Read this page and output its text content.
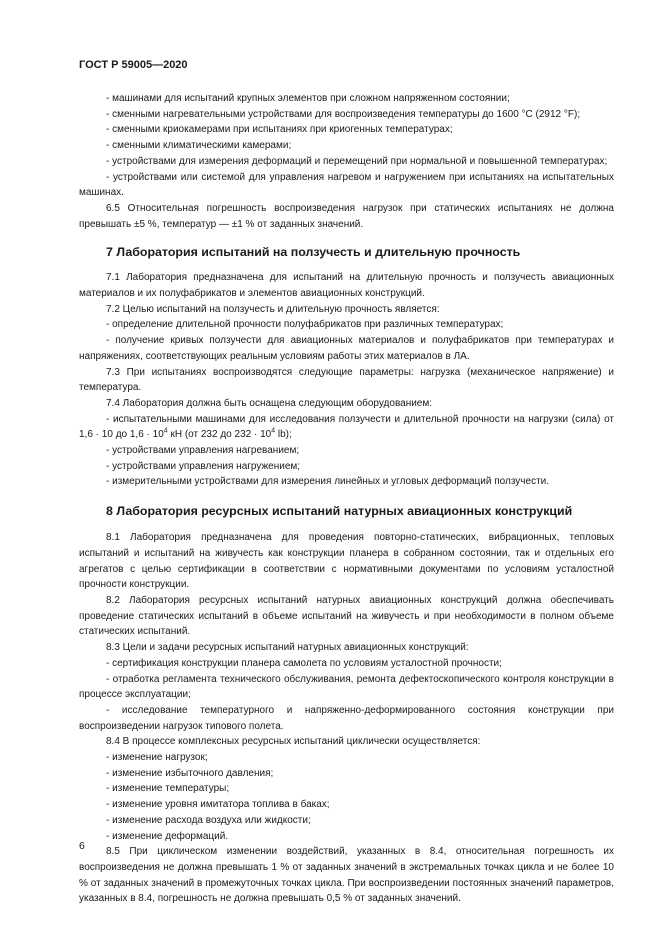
ГОСТ Р 59005—2020

- машинами для испытаний крупных элементов при сложном напряженном состоянии;

- сменными нагревательными устройствами для воспроизведения температуры до 1600 °С (2912 °F);

- сменными криокамерами при испытаниях при криогенных температурах;

- сменными климатическими камерами;

- устройствами для измерения деформаций и перемещений при нормальной и повышенной температурах;

- устройствами или системой для управления нагревом и нагружением при испытаниях на испытательных машинах.

6.5 Относительная погрешность воспроизведения нагрузок при статических испытаниях не должна превышать ±5 %, температур — ±1 % от заданных значений.

7 Лаборатория испытаний на ползучесть и длительную прочность

7.1 Лаборатория предназначена для испытаний на длительную прочность и ползучесть авиационных материалов и их полуфабрикатов и элементов авиационных конструкций.

7.2 Целью испытаний на ползучесть и длительную прочность является:

- определение длительной прочности полуфабрикатов при различных температурах;

- получение кривых ползучести для авиационных материалов и полуфабрикатов при температурах и напряжениях, соответствующих реальным условиям работы этих материалов в ЛА.

7.3 При испытаниях воспроизводятся следующие параметры: нагрузка (механическое напряжение) и температура.

7.4 Лаборатория должна быть оснащена следующим оборудованием:

- испытательными машинами для исследования ползучести и длительной прочности на нагрузки (сила) от 1,6 · 10 до $1,6 \cdot 10^4$ кН (от 232 до $232 \cdot 10^4$ lb);

- устройствами управления нагреванием;

- устройствами управления нагружением;

- измерительными устройствами для измерения линейных и угловых деформаций ползучести.

8 Лаборатория ресурсных испытаний натурных авиационных конструкций

8.1 Лаборатория предназначена для проведения повторно-статических, вибрационных, тепловых испытаний и испытаний на живучесть как конструкции планера в собранном состоянии, так и отдельных его агрегатов с целью сертификации в соответствии с нормативными документами по условиям усталостной прочности конструкции.

8.2 Лаборатория ресурсных испытаний натурных авиационных конструкций должна обеспечивать проведение статических испытаний в объеме испытаний на живучесть и при необходимости в полном объеме статических испытаний.

8.3 Цели и задачи ресурсных испытаний натурных авиационных конструкций:

- сертификация конструкции планера самолета по условиям усталостной прочности;

- отработка регламента технического обслуживания, ремонта дефектоскопического контроля конструкции в процессе эксплуатации;

- исследование температурного и напряженно-деформированного состояния конструкции при воспроизведении нагрузок типового полета.

8.4 В процессе комплексных ресурсных испытаний циклически осуществляется:

- изменение нагрузок;

- изменение избыточного давления;

- изменение температуры;

- изменение уровня имитатора топлива в баках;

- изменение расхода воздуха или жидкости;

- изменение деформаций.

8.5 При циклическом изменении воздействий, указанных в 8.4, относительная погрешность их воспроизведения не должна превышать 1 % от заданных значений в экстремальных точках цикла и не более 10 % от заданных значений в промежуточных точках цикла. При воспроизведении постоянных значений параметров, указанных в 8.4, погрешность не должна превышать 0,5 % от заданных значений.

6
